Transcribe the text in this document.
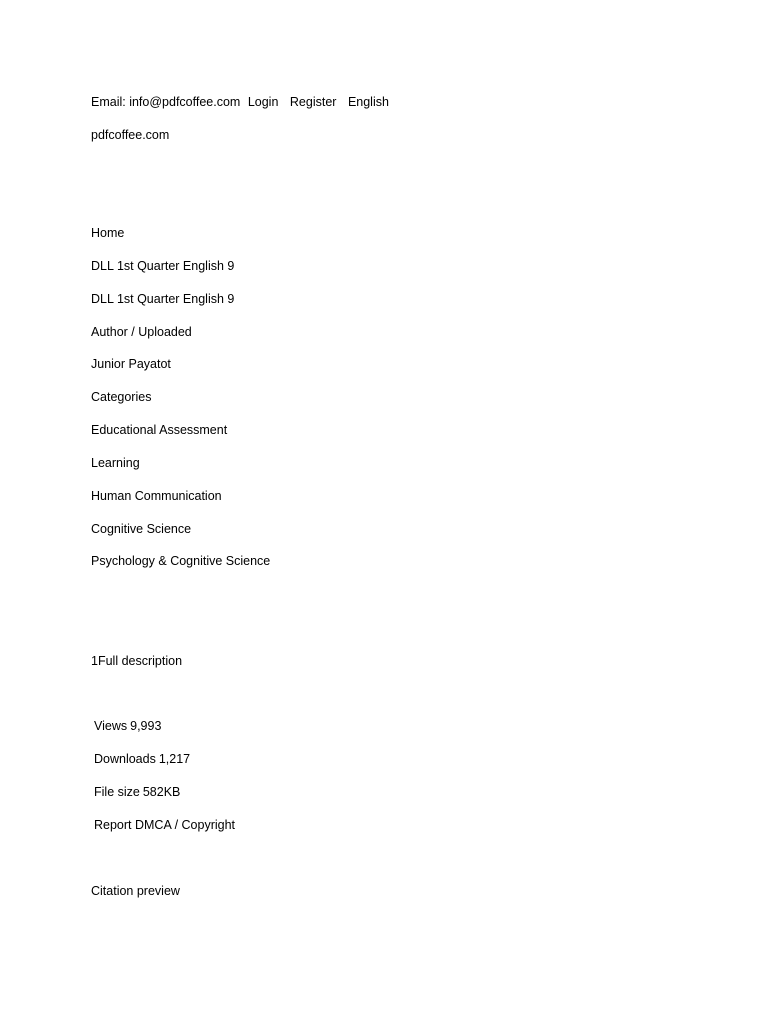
Email: info@pdfcoffee.com Login Register English
pdfcoffee.com
Home
DLL 1st Quarter English 9
DLL 1st Quarter English 9
Author / Uploaded
Junior Payatot
Categories
Educational Assessment
Learning
Human Communication
Cognitive Science
Psychology & Cognitive Science
1Full description
Views 9,993
Downloads 1,217
File size 582KB
Report DMCA / Copyright
Citation preview
